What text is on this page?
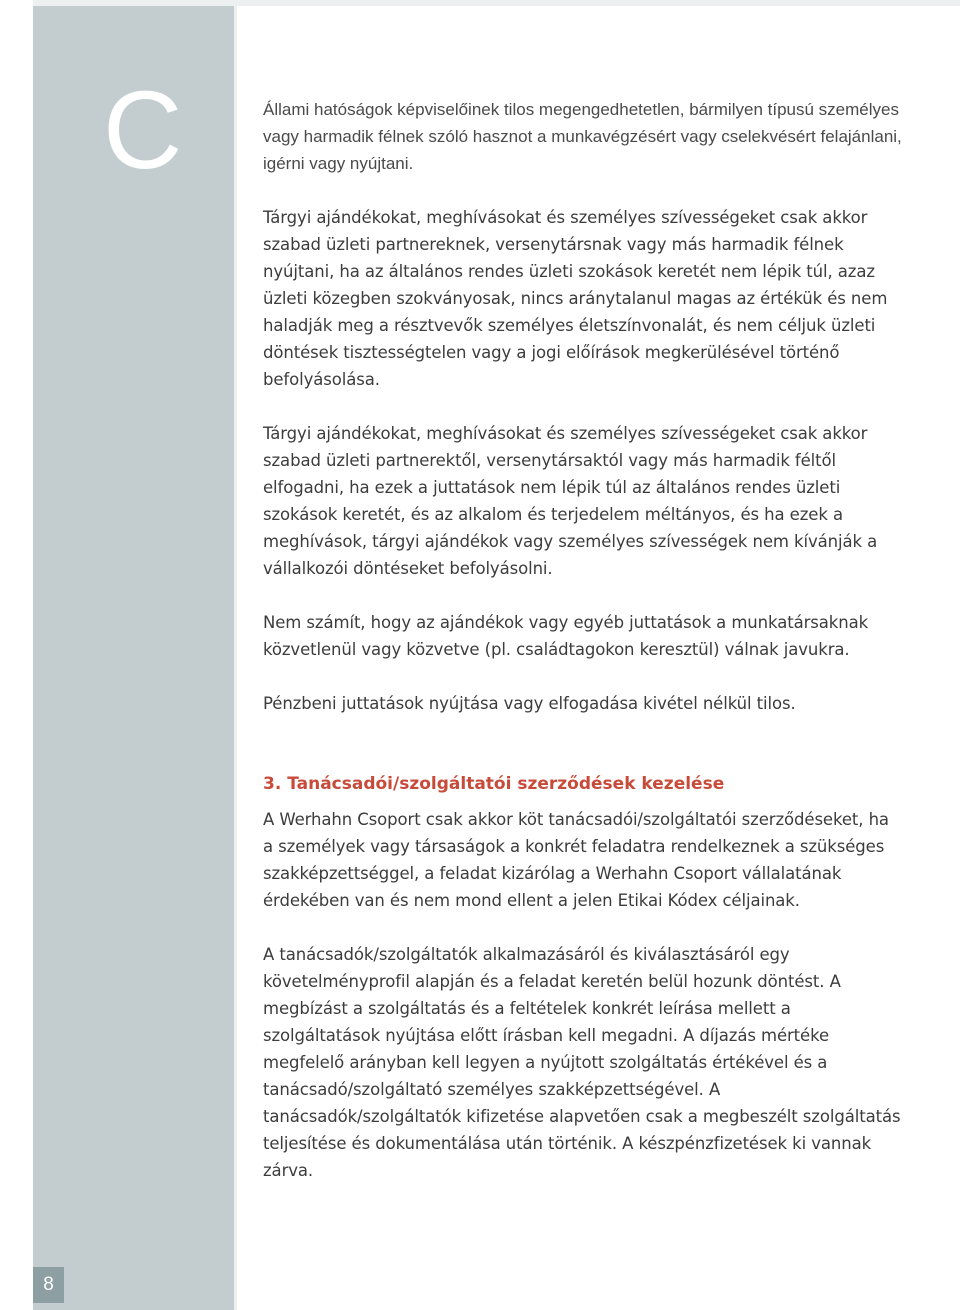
C
8

Állami hatóságok képviselőinek tilos megengedhetetlen, bármilyen típusú személyes vagy harmadik félnek szóló hasznot a munkavégzésért vagy cselekvésért felajánlani, igérni vagy nyújtani.

Tárgyi ajándékokat, meghívásokat és személyes szívességeket csak akkor szabad üzleti partnereknek, versenytársnak vagy más harmadik félnek nyújtani, ha az általános rendes üzleti szokások keretét nem lépik túl, azaz üzleti közegben szokványosak, nincs aránytalanul magas az értékük és nem haladják meg a résztvevők személyes életszínvonalát, és nem céljuk üzleti döntések tisztességtelen vagy a jogi előírások megkerülésével történő befolyásolása.

Tárgyi ajándékokat, meghívásokat és személyes szívességeket csak akkor szabad üzleti partnerektől, versenytársaktól vagy más harmadik féltől elfogadni, ha ezek a juttatások nem lépik túl az általános rendes üzleti szokások keretét, és az alkalom és terjedelem méltányos, és ha ezek a meghívások, tárgyi ajándékok vagy személyes szívességek nem kívánják a vállalkozói döntéseket befolyásolni.

Nem számít, hogy az ajándékok vagy egyéb juttatások a munkatársaknak közvetlenül vagy közvetve (pl. családtagokon keresztül) válnak javukra.

Pénzbeni juttatások nyújtása vagy elfogadása kivétel nélkül tilos.

3. Tanácsadói/szolgáltatói szerződések kezelése

A Werhahn Csoport csak akkor köt tanácsadói/szolgáltatói szerződéseket, ha a személyek vagy társaságok a konkrét feladatra rendelkeznek a szükséges szakképzettséggel, a feladat kizárólag a Werhahn Csoport vállalatának érdekében van és nem mond ellent a jelen Etikai Kódex céljainak.

A tanácsadók/szolgáltatók alkalmazásáról és kiválasztásáról egy követelményprofil alapján és a feladat keretén belül hozunk döntést. A megbízást a szolgáltatás és a feltételek konkrét leírása mellett a szolgáltatások nyújtása előtt írásban kell megadni. A díjazás mértéke megfelelő arányban kell legyen a nyújtott szolgáltatás értékével és a tanácsadó/szolgáltató személyes szakképzettségével. A tanácsadók/szolgáltatók kifizetése alapvetően csak a megbeszélt szolgáltatás teljesítése és dokumentálása után történik. A készpénzfizetések ki vannak zárva.
